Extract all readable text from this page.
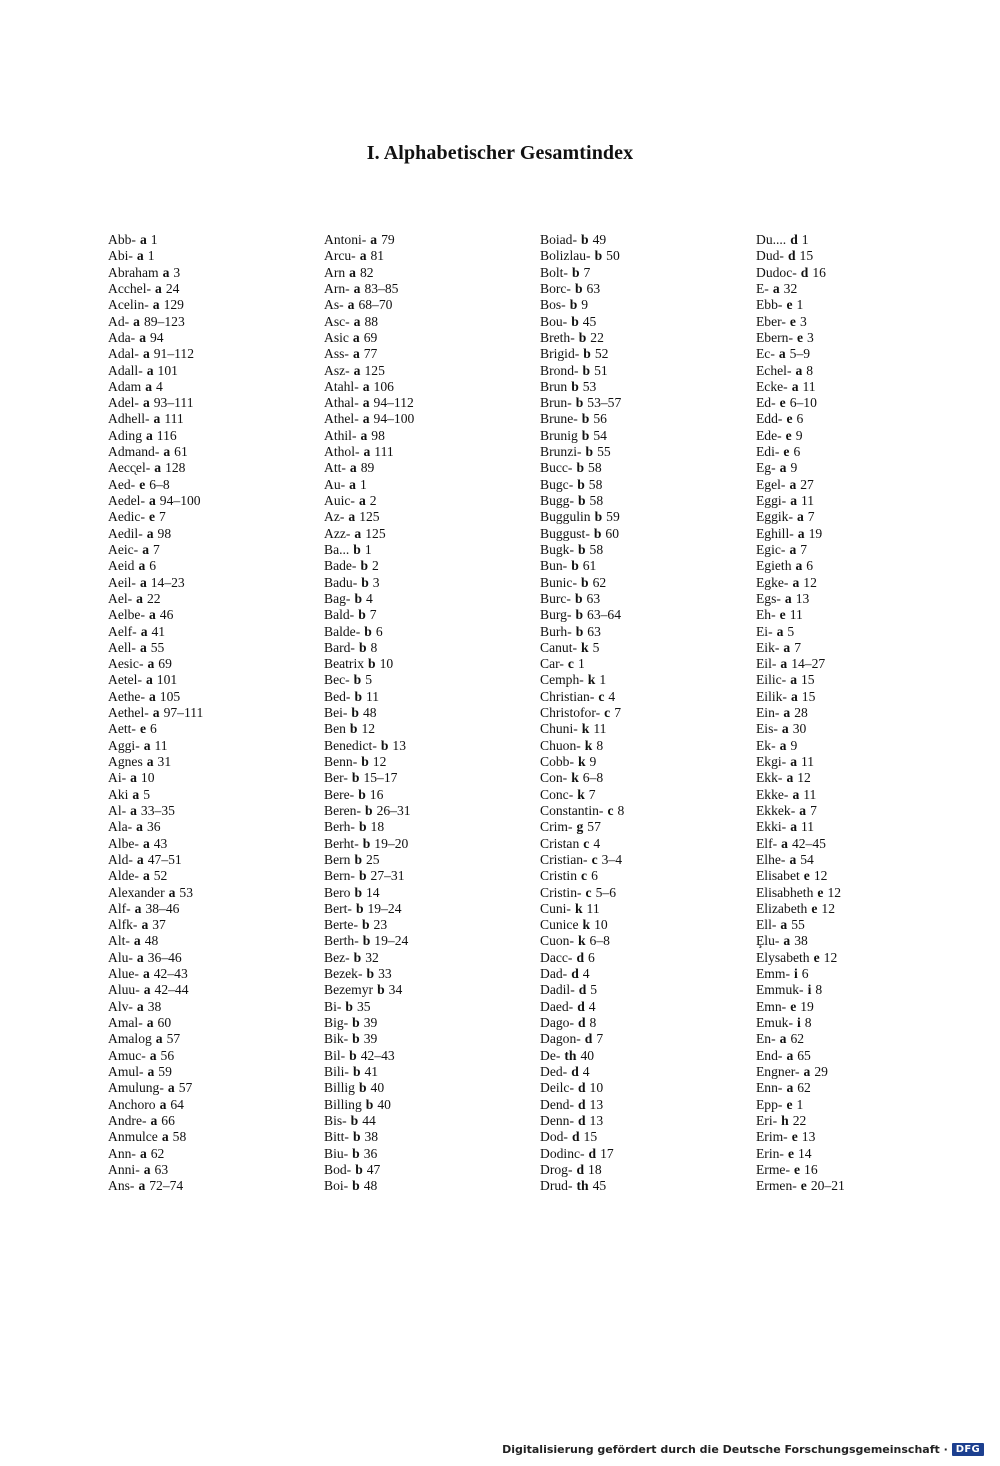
I. Alphabetischer Gesamtindex
Abb- a 1
Abi- a 1
Abraham a 3
Acchel- a 24
Acelin- a 129
Ad- a 89–123
Ada- a 94
Adal- a 91–112
Adall- a 101
Adam a 4
Adel- a 93–111
Adhell- a 111
Ading a 116
Admand- a 61
Aecc̨el- a 128
Aed- e 6–8
Aedel- a 94–100
Aedic- e 7
Aedil- a 98
Aeic- a 7
Aeid a 6
Aeil- a 14–23
Ael- a 22
Aelbe- a 46
Aelf- a 41
Aell- a 55
Aesic- a 69
Aetel- a 101
Aethe- a 105
Aethel- a 97–111
Aett- e 6
Aggi- a 11
Agnes a 31
Ai- a 10
Aki a 5
Al- a 33–35
Ala- a 36
Albe- a 43
Ald- a 47–51
Alde- a 52
Alexander a 53
Alf- a 38–46
Alfk- a 37
Alt- a 48
Alu- a 36–46
Alue- a 42–43
Aluu- a 42–44
Alv- a 38
Amal- a 60
Amalog a 57
Amuc- a 56
Amul- a 59
Amulung- a 57
Anchoro a 64
Andre- a 66
Anmulce a 58
Ann- a 62
Anni- a 63
Ans- a 72–74
Antoni- a 79
Arcu- a 81
Arn a 82
Arn- a 83–85
As- a 68–70
Asc- a 88
Asic a 69
Ass- a 77
Asz- a 125
Atahl- a 106
Athal- a 94–112
Athel- a 94–100
Athil- a 98
Athol- a 111
Att- a 89
Au- a 1
Auic- a 2
Az- a 125
Azz- a 125
Ba... b 1
Bade- b 2
Badu- b 3
Bag- b 4
Bald- b 7
Balde- b 6
Bard- b 8
Beatrix b 10
Bec- b 5
Bed- b 11
Bei- b 48
Ben b 12
Benedict- b 13
Benn- b 12
Ber- b 15–17
Bere- b 16
Beren- b 26–31
Berh- b 18
Berht- b 19–20
Bern b 25
Bern- b 27–31
Bero b 14
Bert- b 19–24
Berte- b 23
Berth- b 19–24
Bez- b 32
Bezek- b 33
Bezemyr b 34
Bi- b 35
Big- b 39
Bik- b 39
Bil- b 42–43
Bili- b 41
Billig b 40
Billing b 40
Bis- b 44
Bitt- b 38
Biu- b 36
Bod- b 47
Boi- b 48
Boiad- b 49
Bolizlau- b 50
Bolt- b 7
Borc- b 63
Bos- b 9
Bou- b 45
Breth- b 22
Brigid- b 52
Brond- b 51
Brun b 53
Brun- b 53–57
Brune- b 56
Brunig b 54
Brunzi- b 55
Bucc- b 58
Bugc- b 58
Bugg- b 58
Buggulin b 59
Buggust- b 60
Bugk- b 58
Bun- b 61
Bunic- b 62
Burc- b 63
Burg- b 63–64
Burh- b 63
Canut- k 5
Car- c 1
Cemph- k 1
Christian- c 4
Christofor- c 7
Chuni- k 11
Chuon- k 8
Cobb- k 9
Con- k 6–8
Conc- k 7
Constantin- c 8
Crim- g 57
Cristan c 4
Cristian- c 3–4
Cristin c 6
Cristin- c 5–6
Cuni- k 11
Cunice k 10
Cuon- k 6–8
Dacc- d 6
Dad- d 4
Dadil- d 5
Daed- d 4
Dago- d 8
Dagon- d 7
De- th 40
Ded- d 4
Deilc- d 10
Dend- d 13
Denn- d 13
Dod- d 15
Dodinc- d 17
Drog- d 18
Drud- th 45
Du.... d 1
Dud- d 15
Dudoc- d 16
E- a 32
Ebb- e 1
Eber- e 3
Ebern- e 3
Ec- a 5–9
Echel- a 8
Ecke- a 11
Ed- e 6–10
Edd- e 6
Ede- e 9
Edi- e 6
Eg- a 9
Egel- a 27
Eggi- a 11
Eggik- a 7
Eghill- a 19
Egic- a 7
Egieth a 6
Egke- a 12
Egs- a 13
Eh- e 11
Ei- a 5
Eik- a 7
Eil- a 14–27
Eilic- a 15
Eilik- a 15
Ein- a 28
Eis- a 30
Ek- a 9
Ekgi- a 11
Ekk- a 12
Ekke- a 11
Ekkek- a 7
Ekki- a 11
Elf- a 42–45
Elhe- a 54
Elisabet e 12
Elisabheth e 12
Elizabeth e 12
Ell- a 55
Ȩlu- a 38
Elysabeth e 12
Emm- i 6
Emmuk- i 8
Emn- e 19
Emuk- i 8
En- a 62
End- a 65
Engner- a 29
Enn- a 62
Epp- e 1
Eri- h 22
Erim- e 13
Erin- e 14
Erme- e 16
Ermen- e 20–21
Digitalisierung gefördert durch die Deutsche Forschungsgemeinschaft · DFG
